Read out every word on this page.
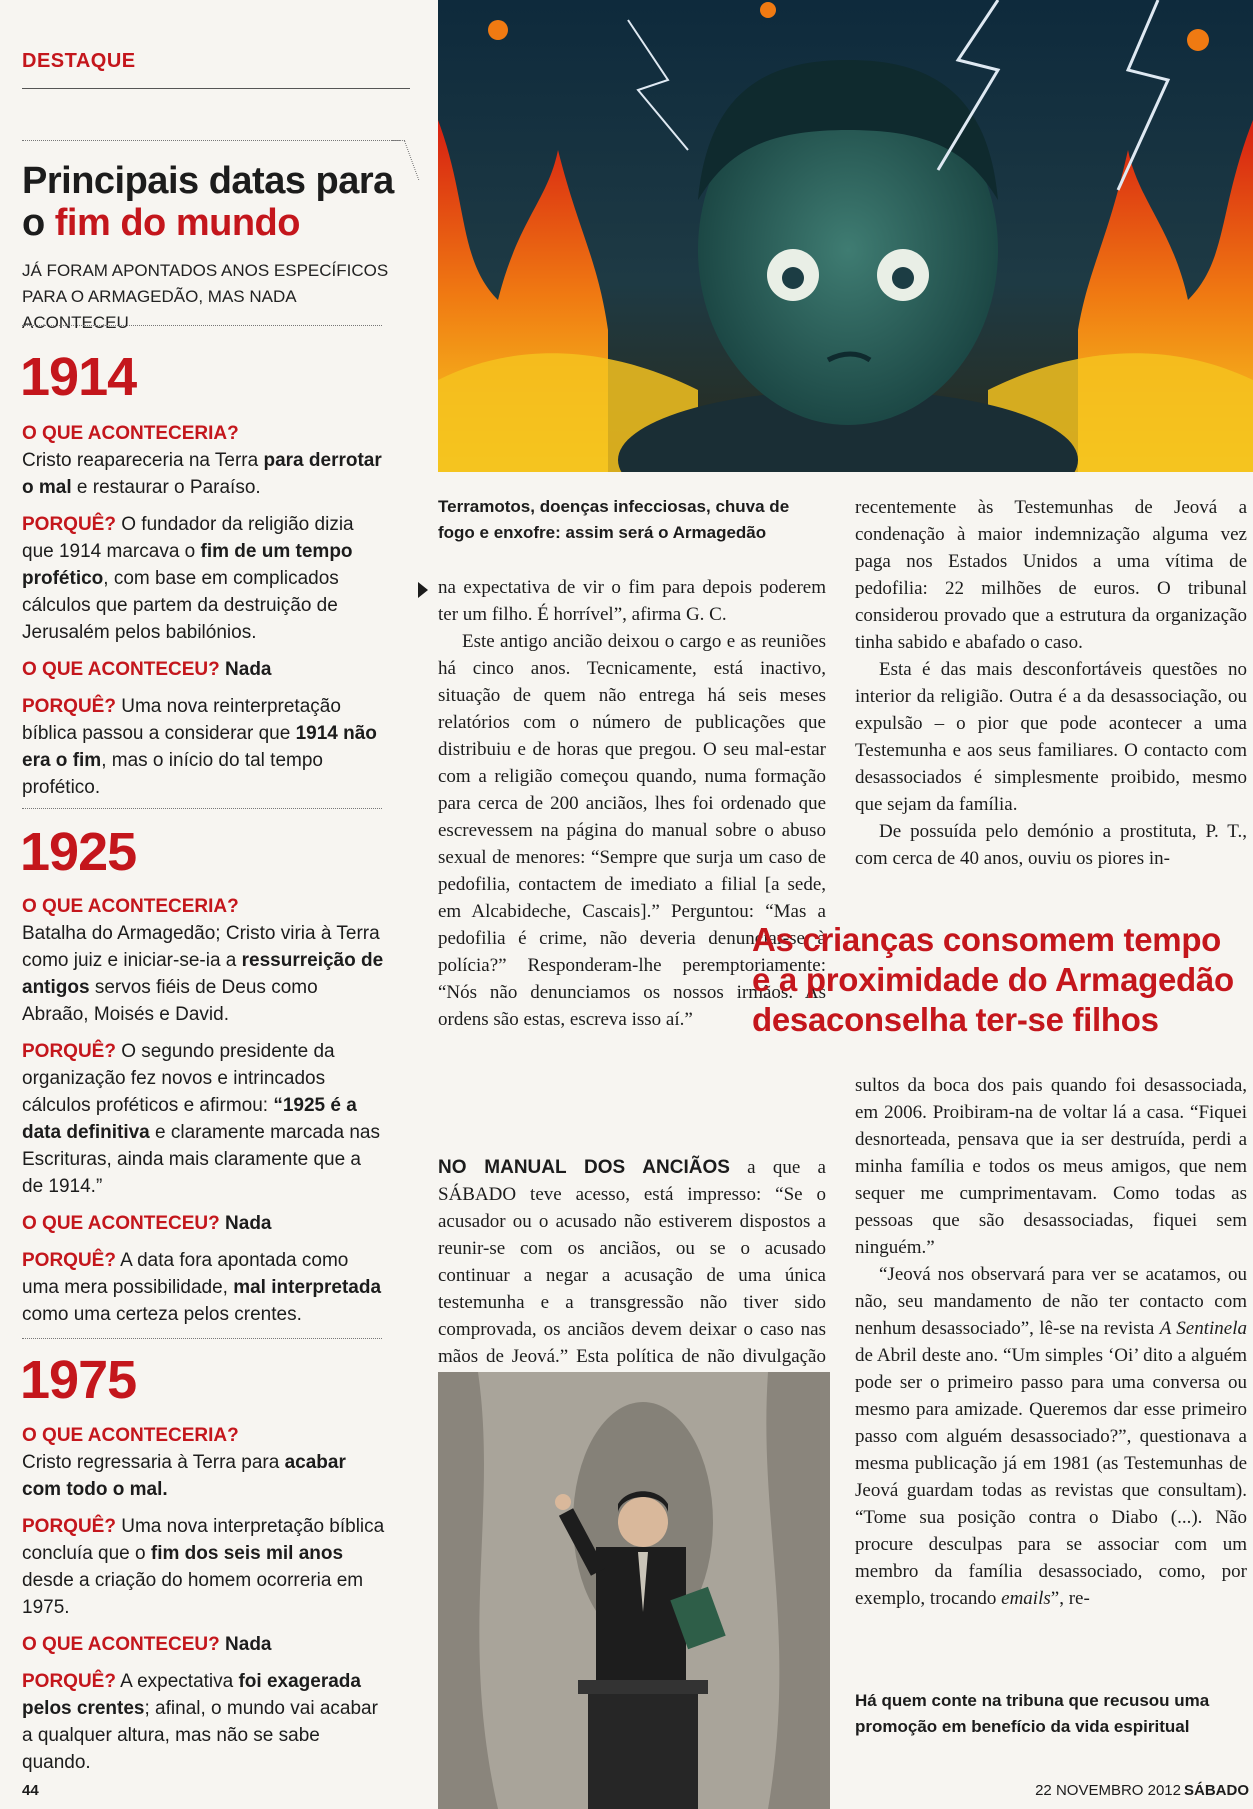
DESTAQUE
Principais datas para o fim do mundo
JÁ FORAM APONTADOS ANOS ESPECÍFICOS PARA O ARMAGEDÃO, MAS NADA ACONTECEU
1914

O QUE ACONTECERIA?
Cristo reapareceria na Terra para derrotar o mal e restaurar o Paraíso.

PORQUÊ? O fundador da religião dizia que 1914 marcava o fim de um tempo profético, com base em complicados cálculos que partem da destruição de Jerusalém pelos babilónios.

O QUE ACONTECEU? Nada

PORQUÊ? Uma nova reinterpretação bíblica passou a considerar que 1914 não era o fim, mas o início do tal tempo profético.

1925

O QUE ACONTECERIA?
Batalha do Armagedão; Cristo viria à Terra como juiz e iniciar-se-ia a ressurreição de antigos servos fiéis de Deus como Abraão, Moisés e David.

PORQUÊ? O segundo presidente da organização fez novos e intrincados cálculos proféticos e afirmou: “1925 é a data definitiva e claramente marcada nas Escrituras, ainda mais claramente que a de 1914.”

O QUE ACONTECEU? Nada

PORQUÊ? A data fora apontada como uma mera possibilidade, mal interpretada como uma certeza pelos crentes.

1975

O QUE ACONTECERIA?
Cristo regressaria à Terra para acabar com todo o mal.

PORQUÊ? Uma nova interpretação bíblica concluía que o fim dos seis mil anos desde a criação do homem ocorreria em 1975.

O QUE ACONTECEU? Nada

PORQUÊ? A expectativa foi exagerada pelos crentes; afinal, o mundo vai acabar a qualquer altura, mas não se sabe quando.

Terramotos, doenças infecciosas, chuva de fogo e enxofre: assim será o Armagedão

na expectativa de vir o fim para depois poderem ter um filho. É horrível”, afirma G. C.

Este antigo ancião deixou o cargo e as reuniões há cinco anos. Tecnicamente, está inactivo, situação de quem não entrega há seis meses relatórios com o número de publicações que distribuiu e de horas que pregou. O seu mal-estar com a religião começou quando, numa formação para cerca de 200 anciãos, lhes foi ordenado que escrevessem na página do manual sobre o abuso sexual de menores: “Sempre que surja um caso de pedofilia, contactem de imediato a filial [a sede, em Alcabideche, Cascais].” Perguntou: “Mas a pedofilia é crime, não deveria denunciar-se à polícia?” Responderam-lhe peremptoriamente: “Nós não denunciamos os nossos irmãos. As ordens são estas, escreva isso aí.”

NO MANUAL DOS ANCIÃOS a que a SÁBADO teve acesso, está impresso: “Se o acusador ou o acusado não estiverem dispostos a reunir-se com os anciãos, ou se o acusado continuar a negar a acusação de uma única testemunha e a transgressão não tiver sido comprovada, os anciãos devem deixar o caso nas mãos de Jeová.” Esta política de não divulgação

As crianças consomem tempo e a proximidade do Armagedão desaconselha ter-se filhos

recentemente às Testemunhas de Jeová a condenação à maior indemnização alguma vez paga nos Estados Unidos a uma vítima de pedofilia: 22 milhões de euros. O tribunal considerou provado que a estrutura da organização tinha sabido e abafado o caso.

Esta é das mais desconfortáveis questões no interior da religião. Outra é a da desassociação, ou expulsão – o pior que pode acontecer a uma Testemunha e aos seus familiares. O contacto com desassociados é simplesmente proibido, mesmo que sejam da família.

De possuída pelo demónio a prostituta, P. T., com cerca de 40 anos, ouviu os piores in-

sultos da boca dos pais quando foi desassociada, em 2006. Proibiram-na de voltar lá a casa. “Fiquei desnorteada, pensava que ia ser destruída, perdi a minha família e todos os meus amigos, que nem sequer me cumprimentavam. Como todas as pessoas que são desassociadas, fiquei sem ninguém.”

“Jeová nos observará para ver se acatamos, ou não, seu mandamento de não ter contacto com nenhum desassociado”, lê-se na revista A Sentinela de Abril deste ano. “Um simples ‘Oi’ dito a alguém pode ser o primeiro passo para uma conversa ou mesmo para amizade. Queremos dar esse primeiro passo com alguém desassociado?”, questionava a mesma publicação já em 1981 (as Testemunhas de Jeová guardam todas as revistas que consultam). “Tome sua posição contra o Diabo (...). Não procure desculpas para se associar com um membro da família desassociado, como, por exemplo, trocando emails”, re-

Há quem conte na tribuna que recusou uma promoção em benefício da vida espiritual
44	22 NOVEMBRO 2012 SÁBADO
